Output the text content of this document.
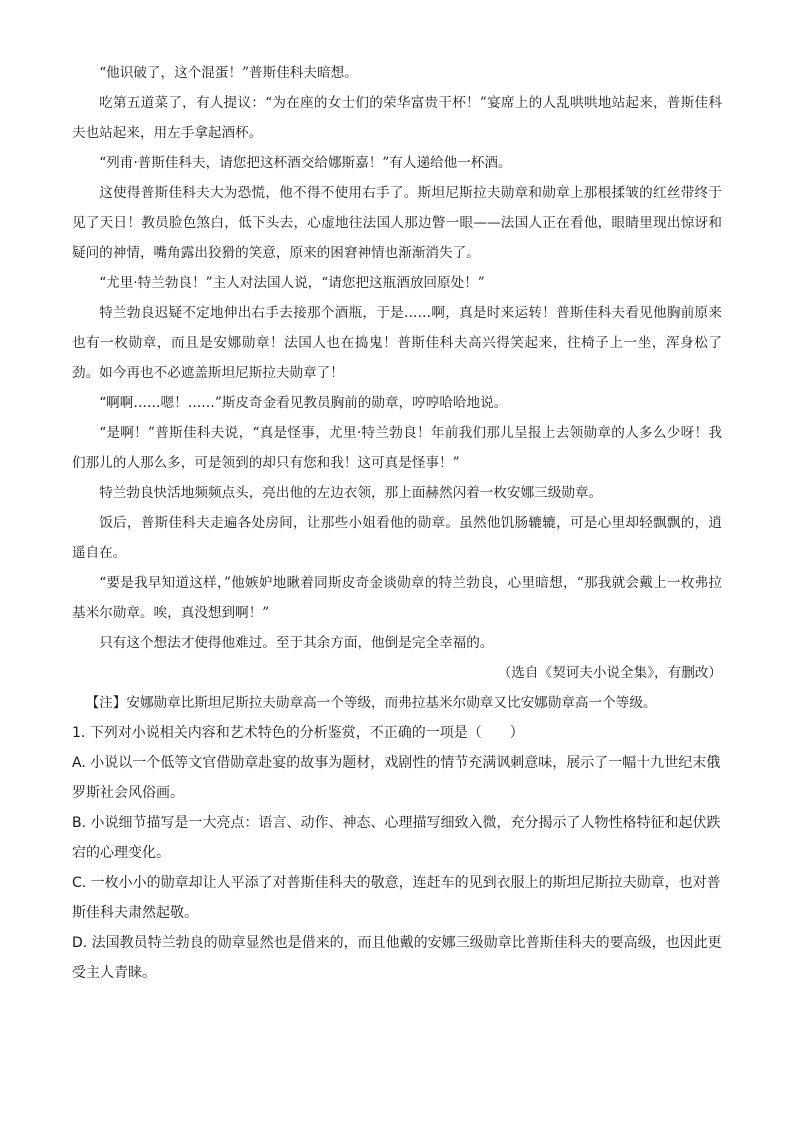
“他识破了，这个混蛋！”普斯佳科夫暗想。

吃第五道菜了，有人提议：“为在座的女士们的荣华富贵干杯！”宴席上的人乱哄哄地站起来，普斯佳科夫也站起来，用左手拿起酒杯。

“列甫·普斯佳科夫，请您把这杯酒交给娜斯嘉！”有人递给他一杯酒。

这使得普斯佳科夫大为恐慌，他不得不使用右手了。斯坦尼斯拉夫勋章和勋章上那根揉皱的红丝带终于见了天日！教员脸色煞白，低下头去，心虚地往法国人那边瞥一眼——法国人正在看他，眼睛里现出惊讶和疑问的神情，嘴角露出狡猾的笑意，原来的困窘神情也渐渐消失了。

“尤里·特兰勃良！”主人对法国人说，“请您把这瓶酒放回原处！”

特兰勃良迟疑不定地伸出右手去接那个酒瓶，于是……啊，真是时来运转！普斯佳科夫看见他胸前原来也有一枚勋章，而且是安娜勋章！法国人也在捣鬼！普斯佳科夫高兴得笑起来，往椅子上一坐，浑身松了劲。如今再也不必遮盖斯坦尼斯拉夫勋章了！

“啊啊……嗯！……”斯皮奇金看见教员胸前的勋章，哼哼哈哈地说。

“是啊！”普斯佳科夫说，“真是怪事，尤里·特兰勃良！年前我们那儿呈报上去领勋章的人多么少呀！我们那儿的人那么多，可是领到的却只有您和我！这可真是怪事！”

特兰勃良快活地频频点头，亮出他的左边衣领，那上面赫然闪着一枚安娜三级勋章。

饭后，普斯佳科夫走遍各处房间，让那些小姐看他的勋章。虽然他饥肠辘辘，可是心里却轻飘飘的，逍遥自在。

“要是我早知道这样，”他嫉妒地瞅着同斯皮奇金谈勋章的特兰勃良，心里暗想，“那我就会戴上一枚弗拉基米尔勋章。唉，真没想到啊！”

只有这个想法才使得他难过。至于其余方面，他倒是完全幸福的。

（选自《契诃夫小说全集》，有删改）

【注】安娜勋章比斯坦尼斯拉夫勋章高一个等级，而弗拉基米尔勋章又比安娜勋章高一个等级。

1. 下列对小说相关内容和艺术特色的分析鉴赏，不正确的一项是（　　）

A. 小说以一个低等文官借勋章赴宴的故事为题材，戏剧性的情节充满讽刺意味，展示了一幅十九世纪末俄罗斯社会风俗画。

B. 小说细节描写是一大亮点：语言、动作、神态、心理描写细致入微，充分揭示了人物性格特征和起伏跌宕的心理变化。

C. 一枚小小的勋章却让人平添了对普斯佳科夫的敬意，连赶车的见到衣服上的斯坦尼斯拉夫勋章，也对普斯佳科夫肃然起敬。

D. 法国教员特兰勃良的勋章显然也是借来的，而且他戴的安娜三级勋章比普斯佳科夫的要高级，也因此更受主人青睐。
